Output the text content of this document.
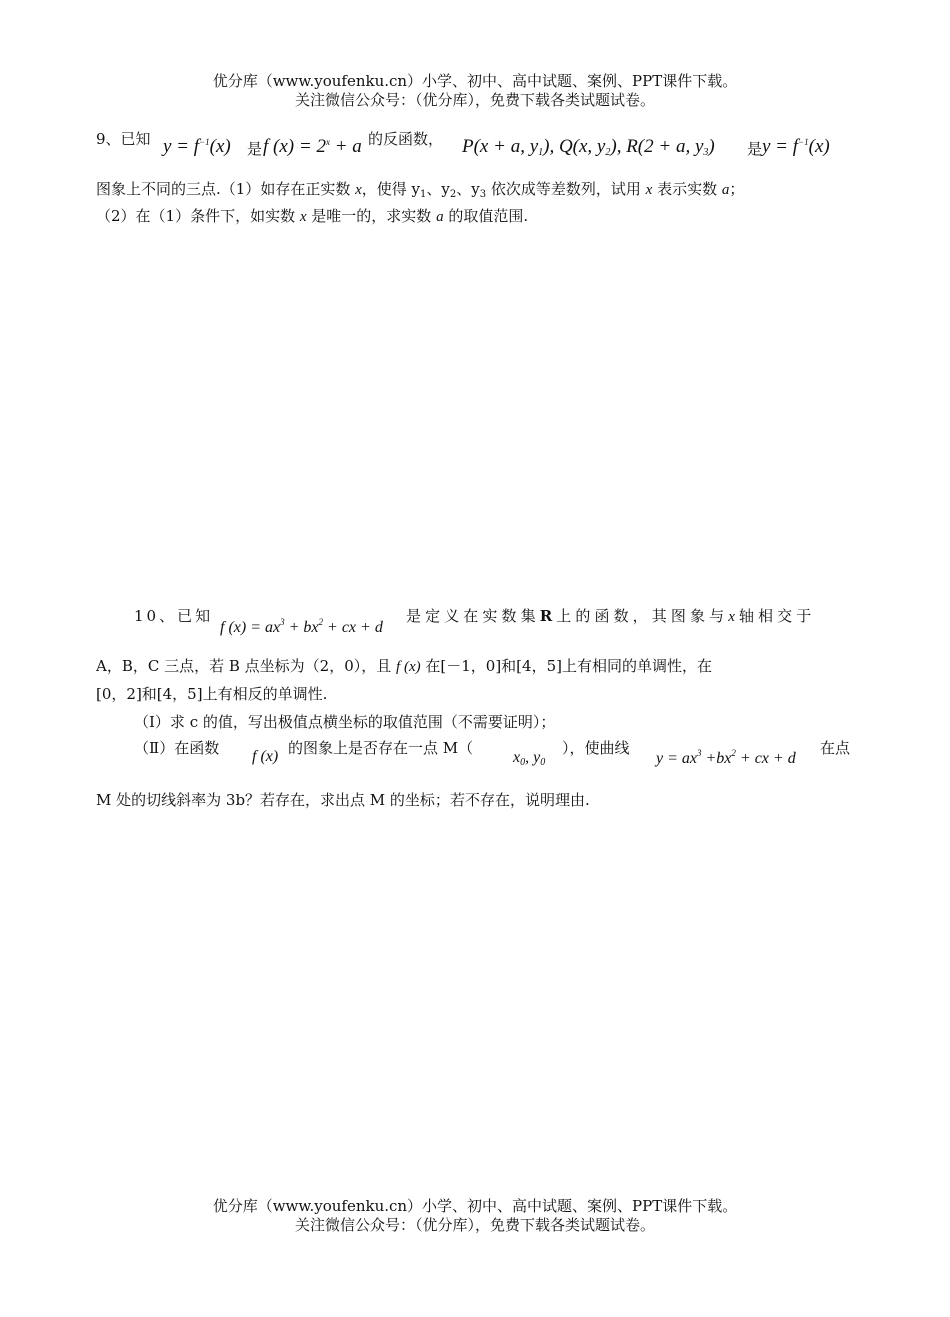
优分库（www.youfenku.cn）小学、初中、高中试题、案例、PPT课件下载。
关注微信公众号：（优分库），免费下载各类试题试卷。
9、已知 $y = f^{-1}(x)$ 是 f $(x) = 2^x + a$ 的反函数， P(x + a, $y_1$), Q(x, $y_2$), R(2 + a, $y_3$) 是 $y = f^{-1}(x)$
图象上不同的三点.（1）如存在正实数 x，使得 $y_1$、$y_2$、$y_3$ 依次成等差数列，试用 x 表示实数 a；
（2）在（1）条件下，如实数 x 是唯一的，求实数 a 的取值范围.
10、已知
f $(x) = ax^3 + bx^2$ + cx + d
是定义在实数集R上的函数，其图象与x轴相交于
A，B，C 三点，若 B 点坐标为（2，0），且 f (x) 在[－1，0]和[4，5]上有相同的单调性，在
[0，2]和[4，5]上有相反的单调性.
（Ⅰ）求 c 的值，写出极值点横坐标的取值范围（不需要证明）；
（Ⅱ）在函数 f (x) 的图象上是否存在一点 M（
$x_0$, $y_0$
），使曲线
$y = ax^3 +bx^2$ + cx + d
在点
M 处的切线斜率为 3b？若存在，求出点 M 的坐标；若不存在，说明理由.
优分库（www.youfenku.cn）小学、初中、高中试题、案例、PPT课件下载。
关注微信公众号：（优分库），免费下载各类试题试卷。
